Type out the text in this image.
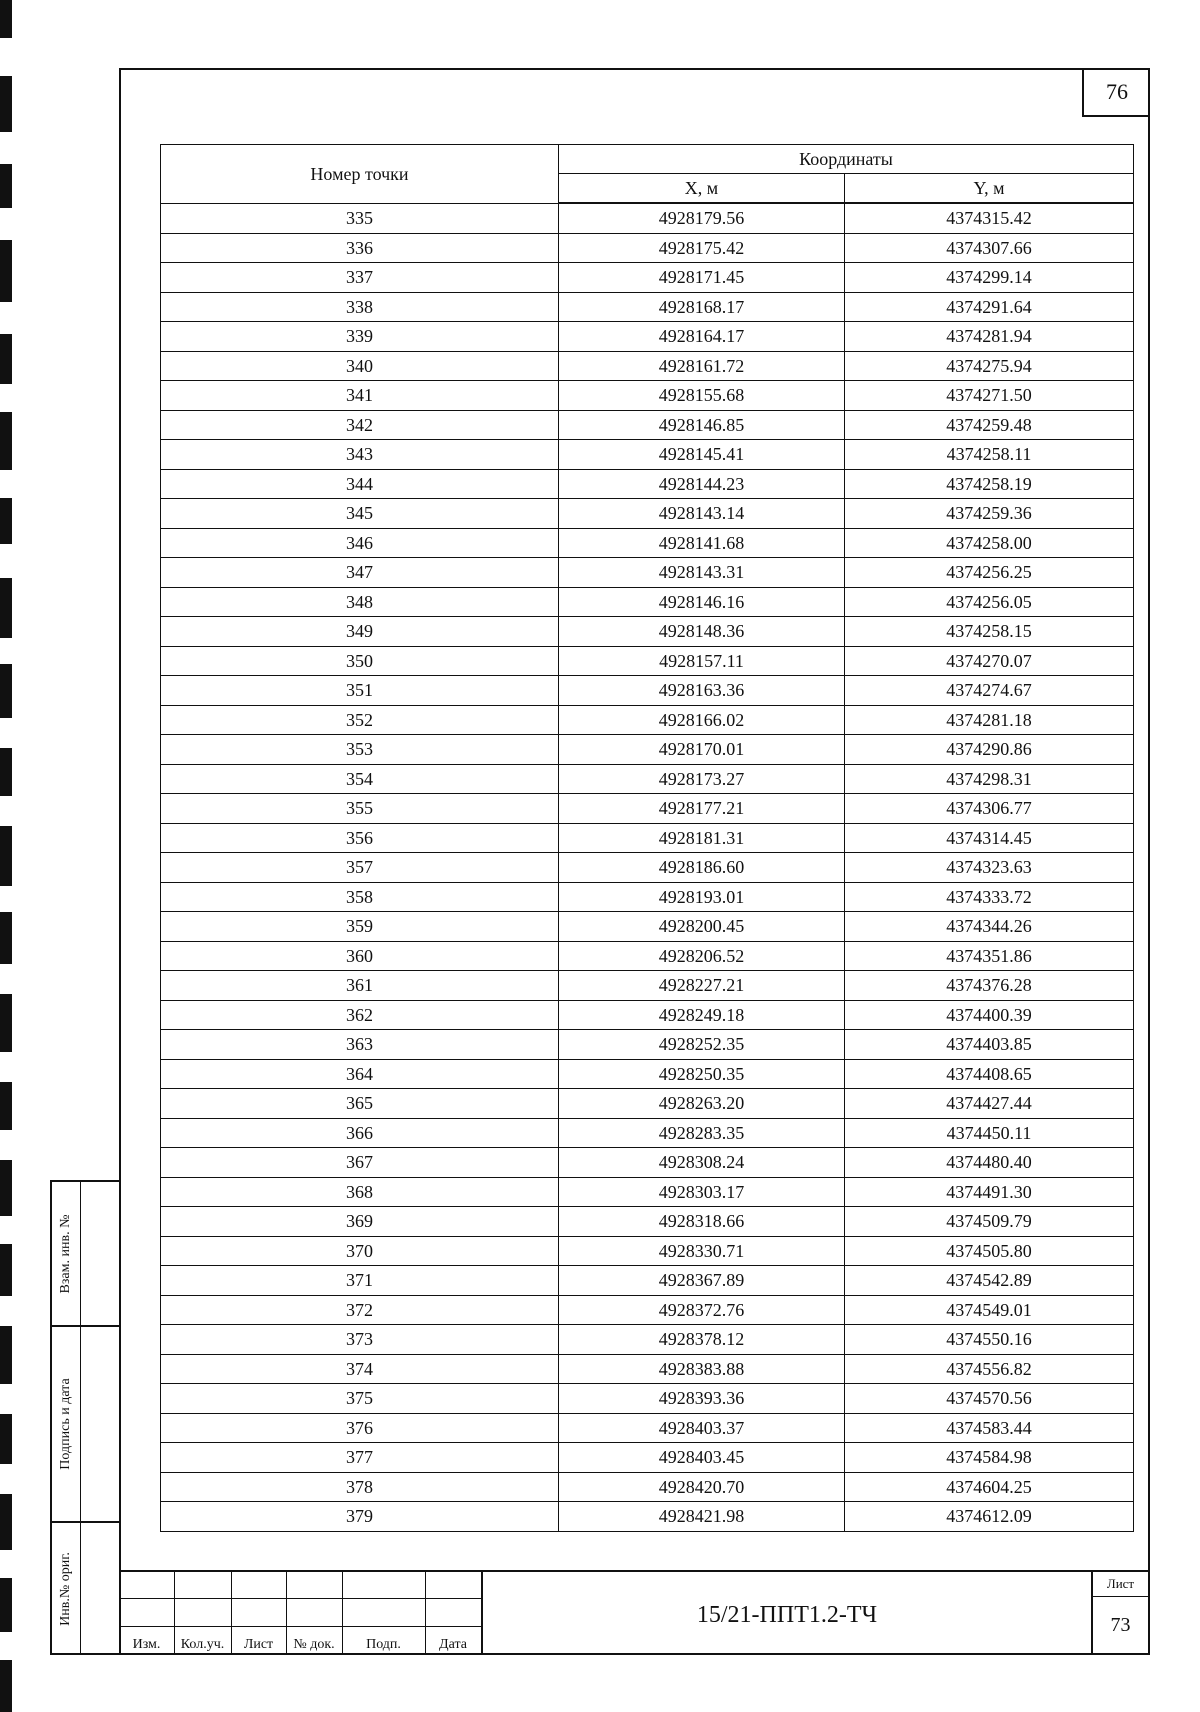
76
Номер точки	Координаты	
	X, м	Y, м
335	4928179.56	4374315.42
336	4928175.42	4374307.66
337	4928171.45	4374299.14
338	4928168.17	4374291.64
339	4928164.17	4374281.94
340	4928161.72	4374275.94
341	4928155.68	4374271.50
342	4928146.85	4374259.48
343	4928145.41	4374258.11
344	4928144.23	4374258.19
345	4928143.14	4374259.36
346	4928141.68	4374258.00
347	4928143.31	4374256.25
348	4928146.16	4374256.05
349	4928148.36	4374258.15
350	4928157.11	4374270.07
351	4928163.36	4374274.67
352	4928166.02	4374281.18
353	4928170.01	4374290.86
354	4928173.27	4374298.31
355	4928177.21	4374306.77
356	4928181.31	4374314.45
357	4928186.60	4374323.63
358	4928193.01	4374333.72
359	4928200.45	4374344.26
360	4928206.52	4374351.86
361	4928227.21	4374376.28
362	4928249.18	4374400.39
363	4928252.35	4374403.85
364	4928250.35	4374408.65
365	4928263.20	4374427.44
366	4928283.35	4374450.11
367	4928308.24	4374480.40
368	4928303.17	4374491.30
369	4928318.66	4374509.79
370	4928330.71	4374505.80
371	4928367.89	4374542.89
372	4928372.76	4374549.01
373	4928378.12	4374550.16
374	4928383.88	4374556.82
375	4928393.36	4374570.56
376	4928403.37	4374583.44
377	4928403.45	4374584.98
378	4928420.70	4374604.25
379	4928421.98	4374612.09
Взам. инв. №
Подпись и дата
Инв.№ ориг.
Изм.	Кол.уч.	Лист	№ док.	Подп.	Дата
15/21-ППТ1.2-ТЧ
Лист
73
